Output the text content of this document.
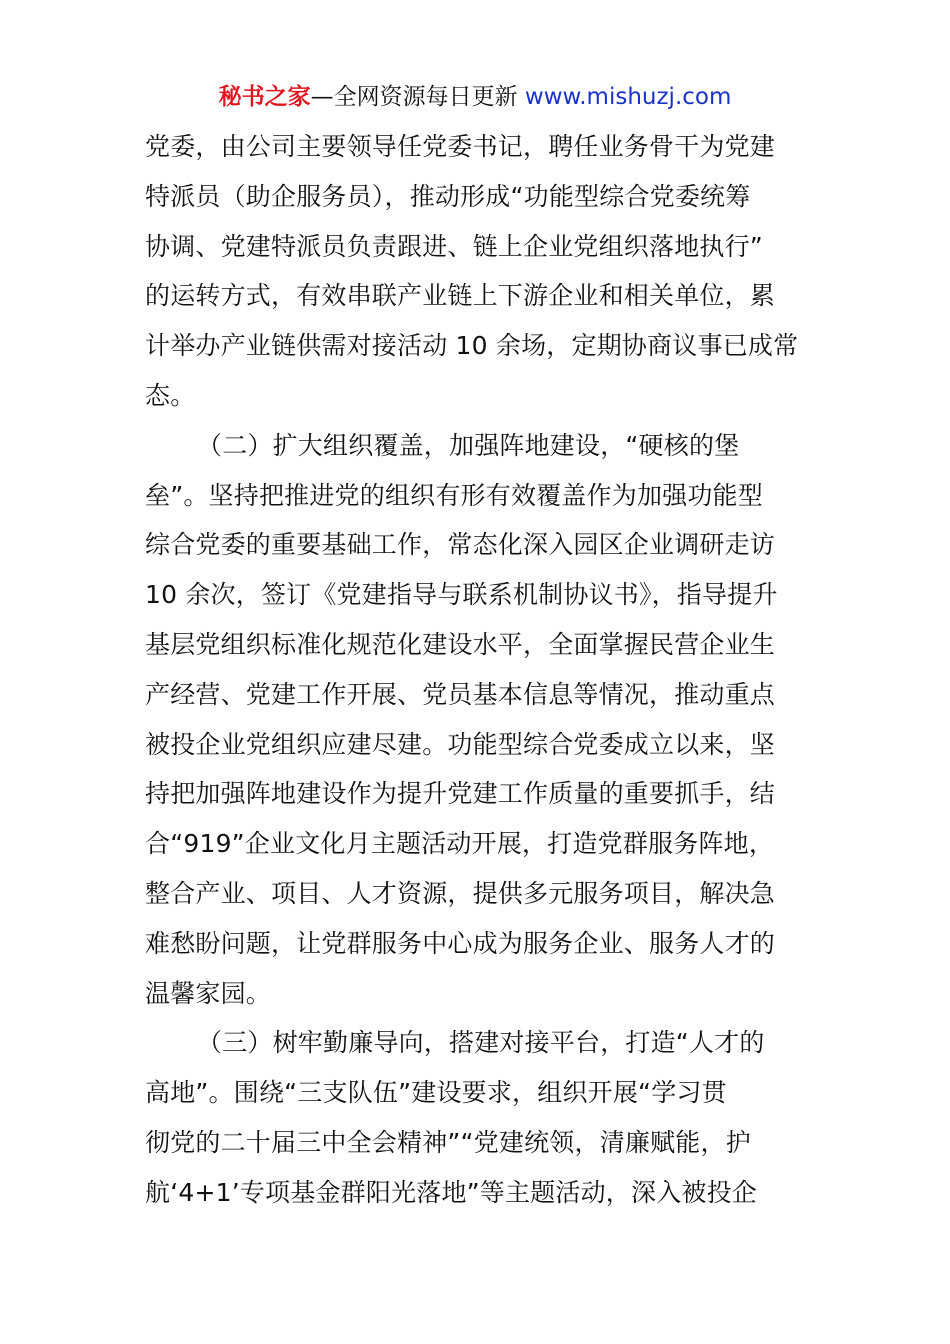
秘书之家—全网资源每日更新 www.mishuzj.com
党委，由公司主要领导任党委书记，聘任业务骨干为党建
特派员（助企服务员），推动形成“功能型综合党委统筹
协调、党建特派员负责跟进、链上企业党组织落地执行”
的运转方式，有效串联产业链上下游企业和相关单位，累
计举办产业链供需对接活动 10 余场，定期协商议事已成常
态。
（二）扩大组织覆盖，加强阵地建设，“硬核的堡
垒”。坚持把推进党的组织有形有效覆盖作为加强功能型
综合党委的重要基础工作，常态化深入园区企业调研走访
10 余次，签订《党建指导与联系机制协议书》，指导提升
基层党组织标准化规范化建设水平，全面掌握民营企业生
产经营、党建工作开展、党员基本信息等情况，推动重点
被投企业党组织应建尽建。功能型综合党委成立以来，坚
持把加强阵地建设作为提升党建工作质量的重要抓手，结
合“919”企业文化月主题活动开展，打造党群服务阵地，
整合产业、项目、人才资源，提供多元服务项目，解决急
难愁盼问题，让党群服务中心成为服务企业、服务人才的
温馨家园。
（三）树牢勤廉导向，搭建对接平台，打造“人才的
高地”。围绕“三支队伍”建设要求，组织开展“学习贯
彻党的二十届三中全会精神”“党建统领，清廉赋能，护
航‘4+1’专项基金群阳光落地”等主题活动，深入被投企
